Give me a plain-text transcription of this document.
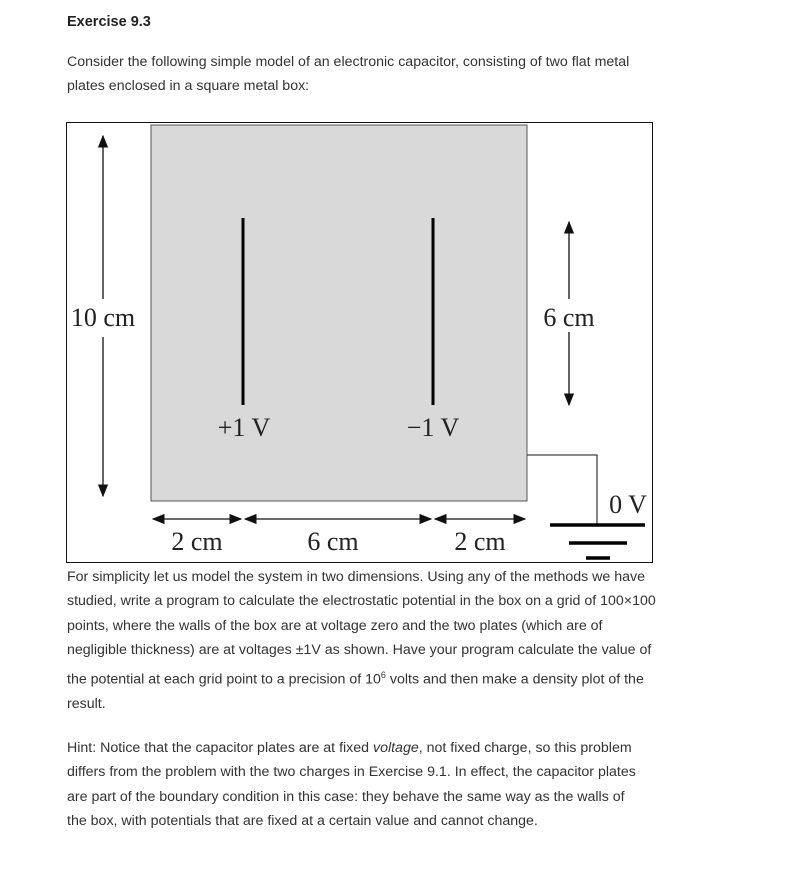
Exercise 9.3
Consider the following simple model of an electronic capacitor, consisting of two flat metal plates enclosed in a square metal box:
10 cm	6 cm
+1 V	−1 V
2 cm	6 cm	2 cm
0 V
For simplicity let us model the system in two dimensions. Using any of the methods we have studied, write a program to calculate the electrostatic potential in the box on a grid of 100×100 points, where the walls of the box are at voltage zero and the two plates (which are of negligible thickness) are at voltages ±1V as shown. Have your program calculate the value of the potential at each grid point to a precision of $10^6$ volts and then make a density plot of the result.
Hint: Notice that the capacitor plates are at fixed voltage, not fixed charge, so this problem differs from the problem with the two charges in Exercise 9.1. In effect, the capacitor plates are part of the boundary condition in this case: they behave the same way as the walls of the box, with potentials that are fixed at a certain value and cannot change.
